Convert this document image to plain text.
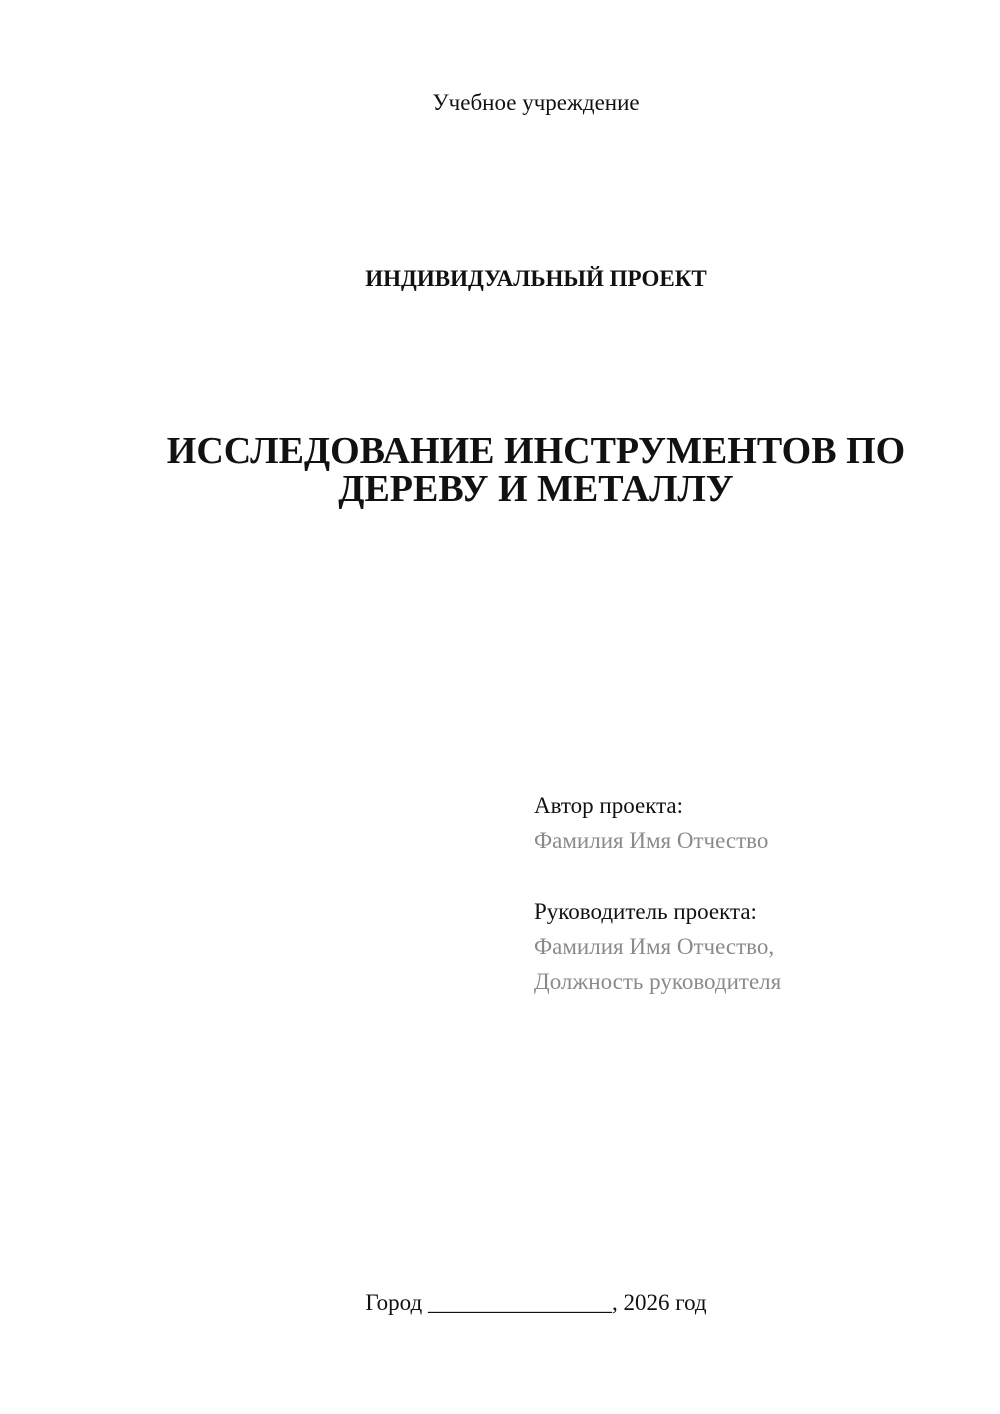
Учебное учреждение
ИНДИВИДУАЛЬНЫЙ ПРОЕКТ
ИССЛЕДОВАНИЕ ИНСТРУМЕНТОВ ПО
ДЕРЕВУ И МЕТАЛЛУ
Автор проекта:
Фамилия Имя Отчество
Руководитель проекта:
Фамилия Имя Отчество,
Должность руководителя
Город ________________, 2026 год
